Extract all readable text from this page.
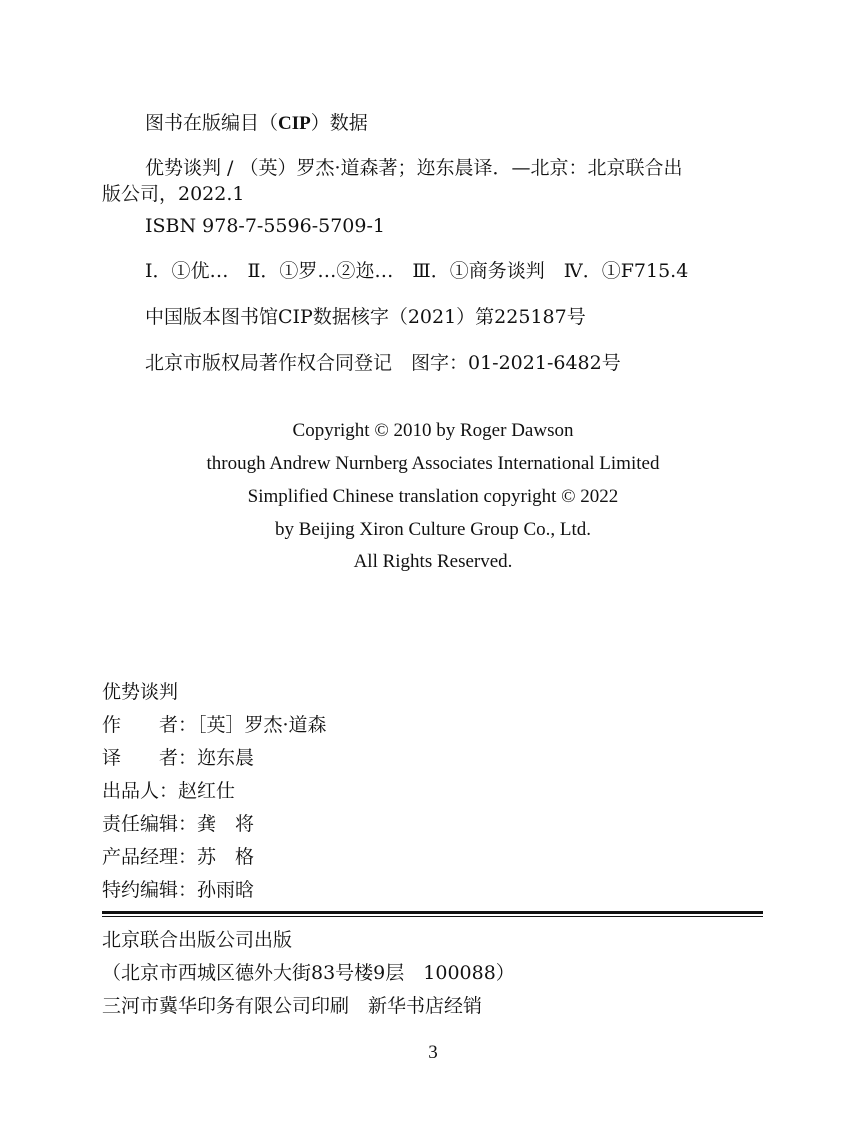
图书在版编目（CIP）数据
优势谈判 / （英）罗杰·道森著；迩东晨译．—北京：北京联合出
版公司，2022.1
ISBN 978-7-5596-5709-1
Ⅰ．①优…　Ⅱ．①罗…②迩…　Ⅲ．①商务谈判　Ⅳ．①F715.4
中国版本图书馆CIP数据核字（2021）第225187号
北京市版权局著作权合同登记　图字：01-2021-6482号
Copyright © 2010 by Roger Dawson
through Andrew Nurnberg Associates International Limited
Simplified Chinese translation copyright © 2022
by Beijing Xiron Culture Group Co., Ltd.
All Rights Reserved.
优势谈判
作　　者：［英］罗杰·道森
译　　者：迩东晨
出品人：赵红仕
责任编辑：龚　将
产品经理：苏　格
特约编辑：孙雨晗
北京联合出版公司出版
（北京市西城区德外大街83号楼9层　100088）
三河市冀华印务有限公司印刷　新华书店经销
3
